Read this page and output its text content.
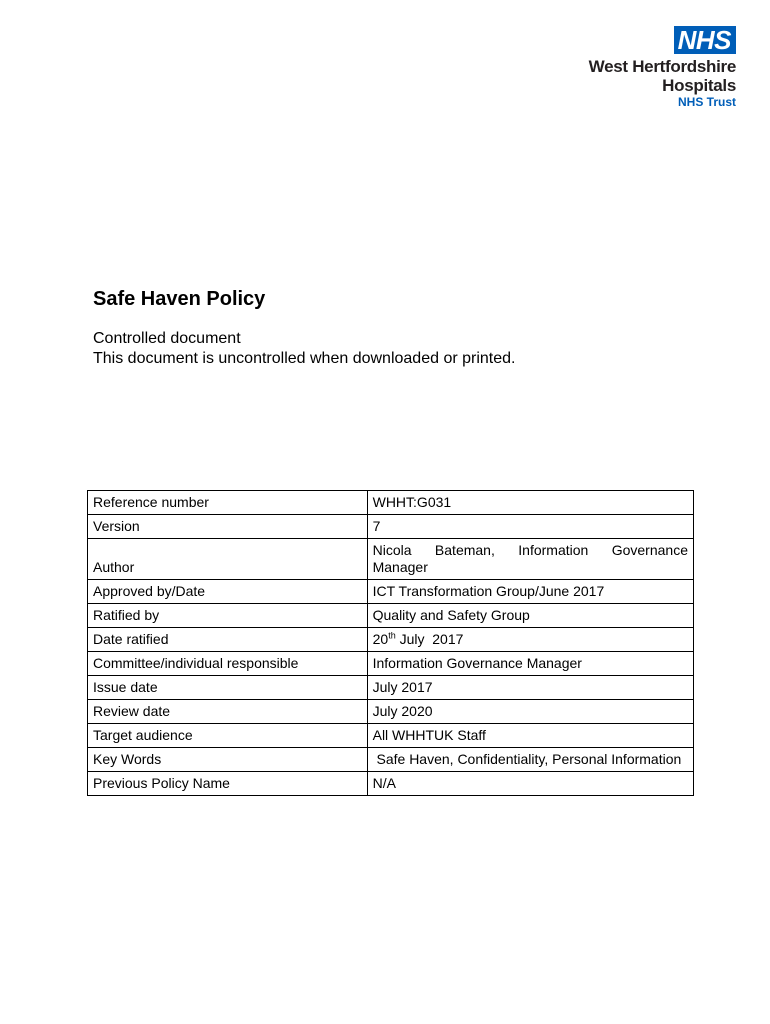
NHS
West Hertfordshire
Hospitals
NHS Trust
Safe Haven Policy
Controlled document
This document is uncontrolled when downloaded or printed.
Reference number	WHHT:G031
Version	7
Author	Nicola Bateman, Information Governance Manager
Approved by/Date	ICT Transformation Group/June 2017
Ratified by	Quality and Safety Group
Date ratified	20th July  2017
Committee/individual responsible	Information Governance Manager
Issue date	July 2017
Review date	July 2020
Target audience	All WHHTUK Staff
Key Words	Safe Haven, Confidentiality, Personal Information
Previous Policy Name	N/A
